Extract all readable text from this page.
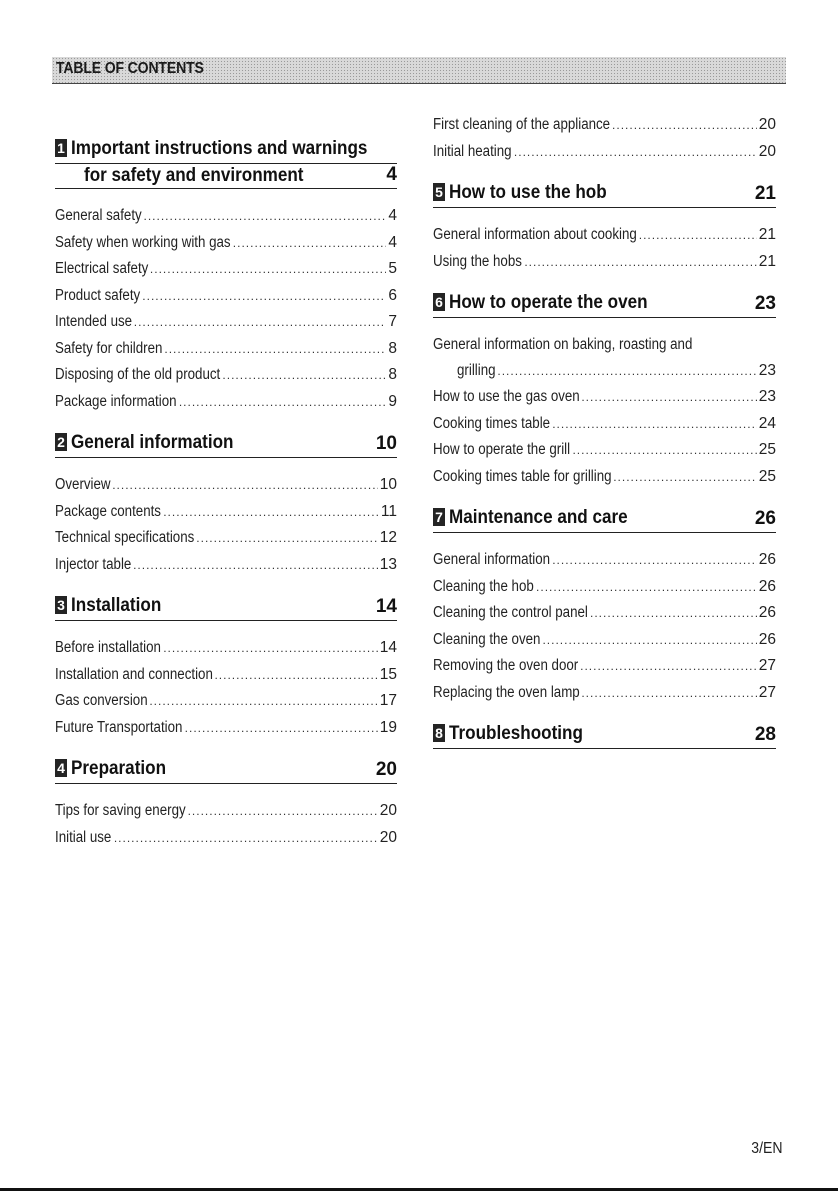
TABLE OF CONTENTS
1 Important instructions and warnings
for safety and environment	4
General safety .....	4
Safety when working with gas .....	4
Electrical safety .....	5
Product safety .....	6
Intended use .....	7
Safety for children .....	8
Disposing of the old product .....	8
Package information .....	9
2 General information	10
Overview .....	10
Package contents .....	11
Technical specifications .....	12
Injector table .....	13
3 Installation	14
Before installation .....	14
Installation and connection .....	15
Gas conversion .....	17
Future Transportation .....	19
4 Preparation	20
Tips for saving energy .....	20
Initial use .....	20
First cleaning of the appliance .....	20
Initial heating .....	20
5 How to use the hob	21
General information about cooking .....	21
Using the hobs .....	21
6 How to operate the oven	23
General information on baking, roasting and
grilling .....	23
How to use the gas oven .....	23
Cooking times table .....	24
How to operate the grill .....	25
Cooking times table for grilling .....	25
7 Maintenance and care	26
General information .....	26
Cleaning the hob .....	26
Cleaning the control panel .....	26
Cleaning the oven .....	26
Removing the oven door .....	27
Replacing the oven lamp .....	27
8 Troubleshooting	28
3/EN
